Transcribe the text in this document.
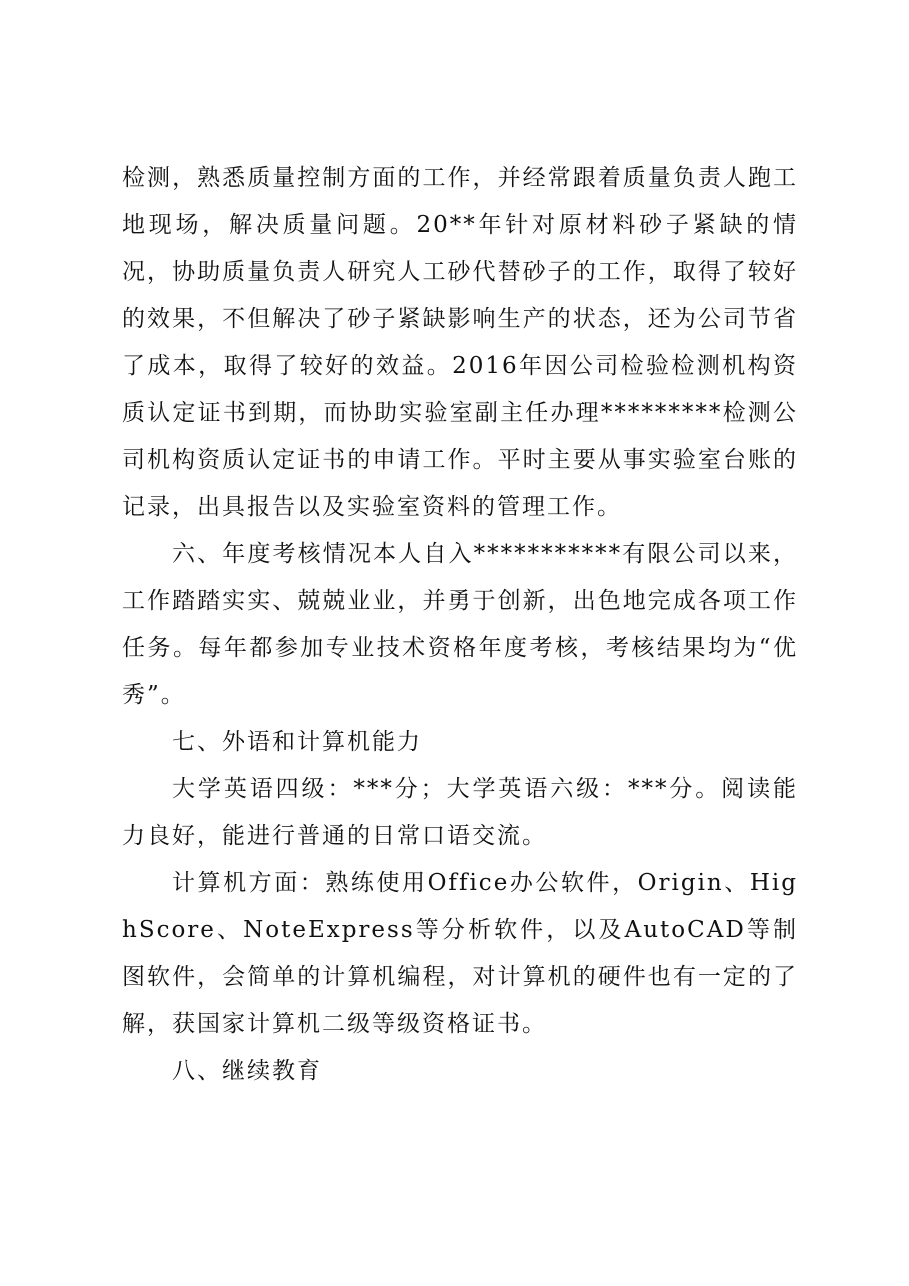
检测，熟悉质量控制方面的工作，并经常跟着质量负责人跑工地现场，解决质量问题。20**年针对原材料砂子紧缺的情况，协助质量负责人研究人工砂代替砂子的工作，取得了较好的效果，不但解决了砂子紧缺影响生产的状态，还为公司节省了成本，取得了较好的效益。2016年因公司检验检测机构资质认定证书到期，而协助实验室副主任办理*********检测公司机构资质认定证书的申请工作。平时主要从事实验室台账的记录，出具报告以及实验室资料的管理工作。

六、年度考核情况本人自入***********有限公司以来，工作踏踏实实、兢兢业业，并勇于创新，出色地完成各项工作任务。每年都参加专业技术资格年度考核，考核结果均为“优秀”。

七、外语和计算机能力

大学英语四级：***分；大学英语六级：***分。阅读能力良好，能进行普通的日常口语交流。

计算机方面：熟练使用Office办公软件，Origin、HighScore、NoteExpress等分析软件，以及AutoCAD等制图软件，会简单的计算机编程，对计算机的硬件也有一定的了解，获国家计算机二级等级资格证书。

八、继续教育
